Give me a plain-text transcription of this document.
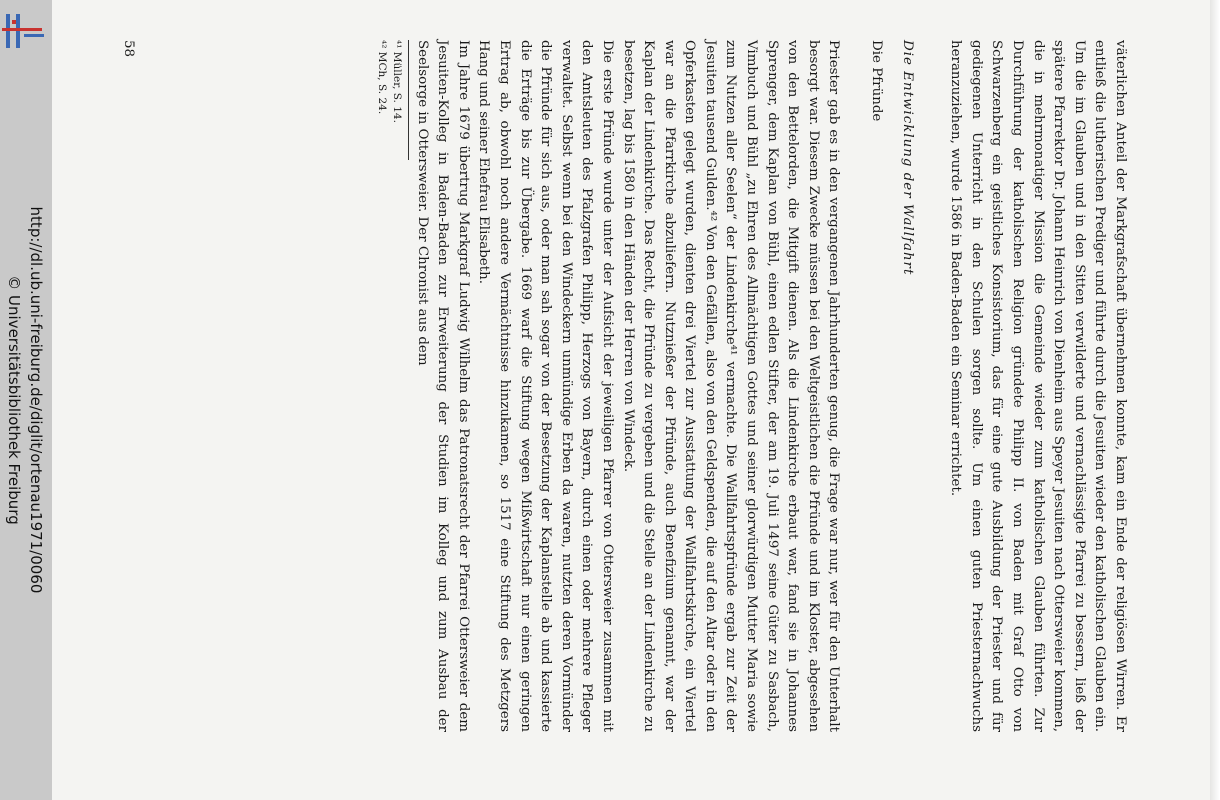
http://dl.ub.uni-freiburg.de/diglit/ortenau1971/0060
© Universitätsbibliothek Freiburg	väterlichen Anteil der Markgrafschaft übernehmen konnte, kam ein Ende der religiösen Wirren. Er entließ die lutherischen Prediger und führte durch die Jesuiten wieder den katholischen Glauben ein. Um die im Glauben und in den Sitten verwilderte und vernachlässigte Pfarrei zu bessern, ließ der spätere Pfarrektor Dr. Johann Heinrich von Dienheim aus Speyer Jesuiten nach Ottersweier kommen, die in mehrmonatiger Mission die Gemeinde wieder zum katholischen Glauben führten. Zur Durchführung der katholischen Religion gründete Philipp II. von Baden mit Graf Otto von Schwarzenberg ein geistliches Konsistorium, das für eine gute Ausbildung der Priester und für gediegenen Unterricht in den Schulen sorgen sollte. Um einen guten Priesternachwuchs heranzuziehen, wurde 1586 in Baden-Baden ein Seminar errichtet.

Die Entwicklung der Wallfahrt

Die Pfründe

Priester gab es in den vergangenen Jahrhunderten genug, die Frage war nur, wer für den Unterhalt besorgt war. Diesem Zwecke müssen bei den Weltgeistlichen die Pfründe und im Kloster, abgesehen von den Bettelorden, die Mitgift dienen. Als die Lindenkirche erbaut war, fand sie in Johannes Sprenger, dem Kaplan von Bühl, einen edlen Stifter, der am 19. Juli 1497 seine Güter zu Sasbach, Vimbuch und Bühl „zu Ehren des Allmächtigen Gottes und seiner glorwürdigen Mutter Maria sowie zum Nutzen aller Seelen“ der Lindenkirche⁴¹ vermachte. Die Wallfahrtspfründe ergab zur Zeit der Jesuiten tausend Gulden.⁴² Von den Gefällen, also von den Geldspenden, die auf den Altar oder in den Opferkasten gelegt wurden, dienten drei Viertel zur Ausstattung der Wallfahrtskirche, ein Viertel war an die Pfarrkirche abzuliefern. Nutznießer der Pfründe, auch Benefizium genannt, war der Kaplan der Lindenkirche. Das Recht, die Pfründe zu vergeben und die Stelle an der Lindenkirche zu besetzen, lag bis 1580 in den Händen der Herren von Windeck.

Die erste Pfründe wurde unter der Aufsicht der jeweiligen Pfarrer von Ottersweier zusammen mit den Amtsleuten des Pfalzgrafen Philipp, Herzogs von Bayern, durch einen oder mehrere Pfleger verwaltet. Selbst wenn bei den Windeckern unmündige Erben da waren, nutzten deren Vormünder die Pfründe für sich aus, oder man sah sogar von der Besetzung der Kaplanstelle ab und kassierte die Erträge bis zur Übergabe. 1669 warf die Stiftung wegen Mißwirtschaft nur einen geringen Ertrag ab, obwohl noch andere Vermächtnisse hinzukamen, so 1517 eine Stiftung des Metzgers Hang und seiner Ehefrau Elisabeth.

Im Jahre 1679 übertrug Markgraf Ludwig Wilhelm das Patronatsrecht der Pfarrei Ottersweier dem Jesuiten-Kolleg in Baden-Baden zur Erweiterung der Studien im Kolleg und zum Ausbau der Seelsorge in Ottersweier. Der Chronist aus dem

⁴¹ Müller, S. 14.

⁴² MCh, S. 24.

58
